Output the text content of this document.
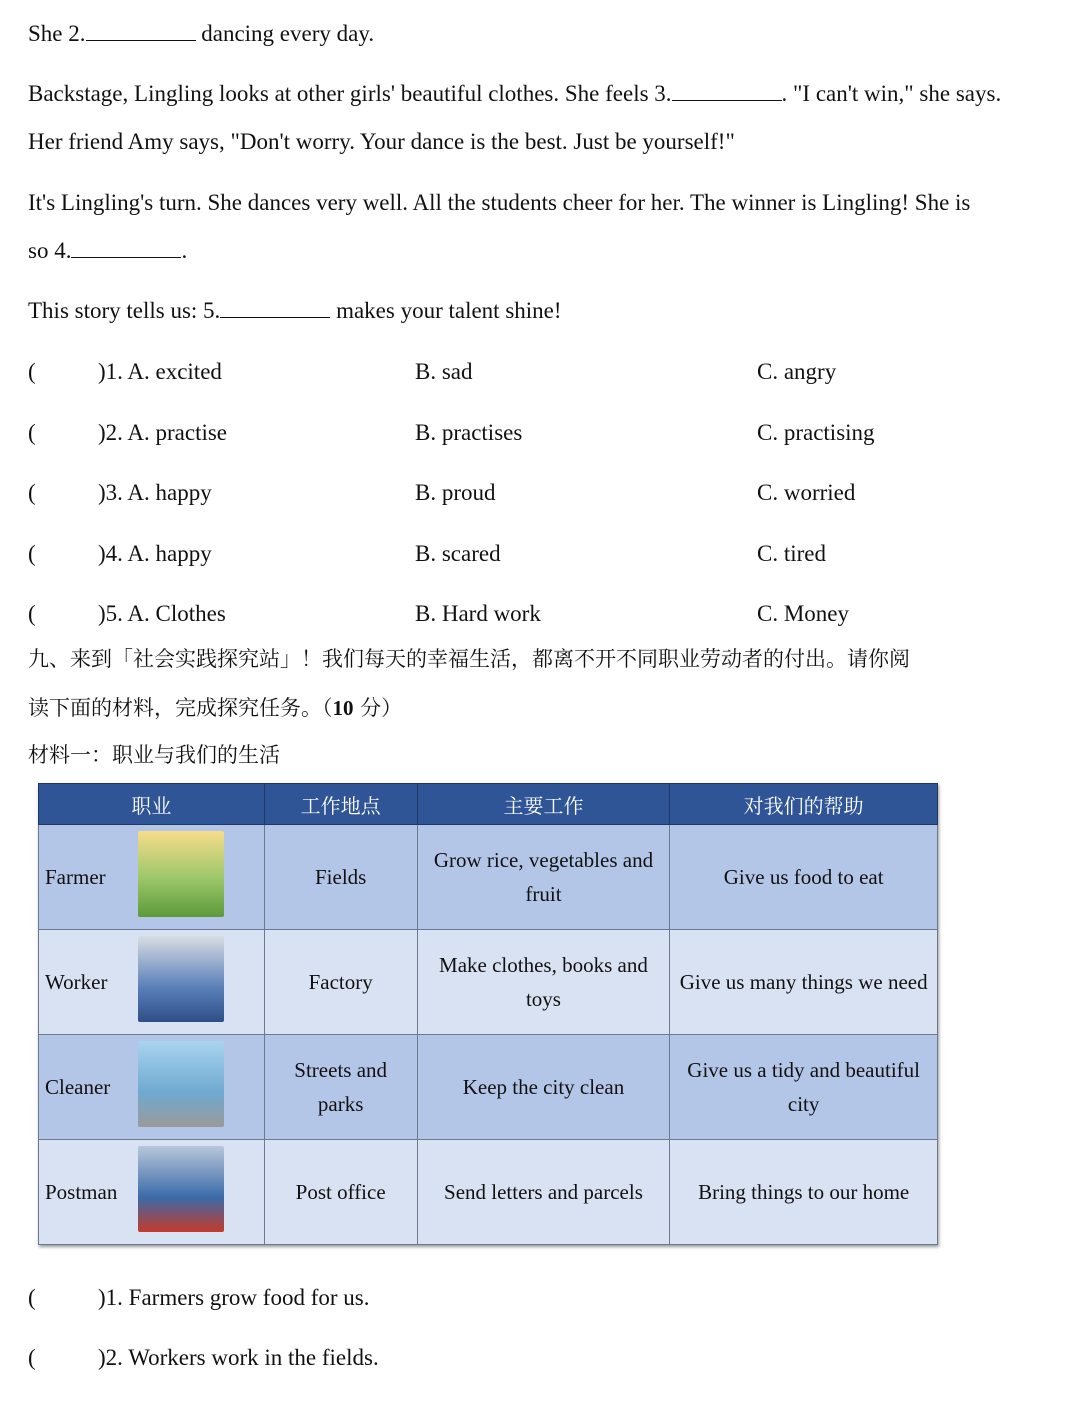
She 2.	dancing every day.
Backstage, Lingling looks at other girls' beautiful clothes. She feels 3.	. "I can't win," she says.
Her friend Amy says, "Don't worry. Your dance is the best. Just be yourself!"
It's Lingling's turn. She dances very well. All the students cheer for her. The winner is Lingling! She is
so 4.	.
This story tells us: 5.	makes your talent shine!
(	)1. A. excited	B. sad	C. angry
(	)2. A. practise	B. practises	C. practising
(	)3. A. happy	B. proud	C. worried
(	)4. A. happy	B. scared	C. tired
(	)5. A. Clothes	B. Hard work	C. Money
九、来到「社会实践探究站」！我们每天的幸福生活，都离不开不同职业劳动者的付出。请你阅
读下面的材料，完成探究任务。（10 分）
材料一：职业与我们的生活
职业	工作地点	主要工作	对我们的帮助
Farmer	Fields	Grow rice, vegetables and fruit	Give us food to eat
Worker	Factory	Make clothes, books and toys	Give us many things we need
Cleaner	Streets and parks	Keep the city clean	Give us a tidy and beautiful city
Postman	Post office	Send letters and parcels	Bring things to our home
(	)1. Farmers grow food for us.
(	)2. Workers work in the fields.
